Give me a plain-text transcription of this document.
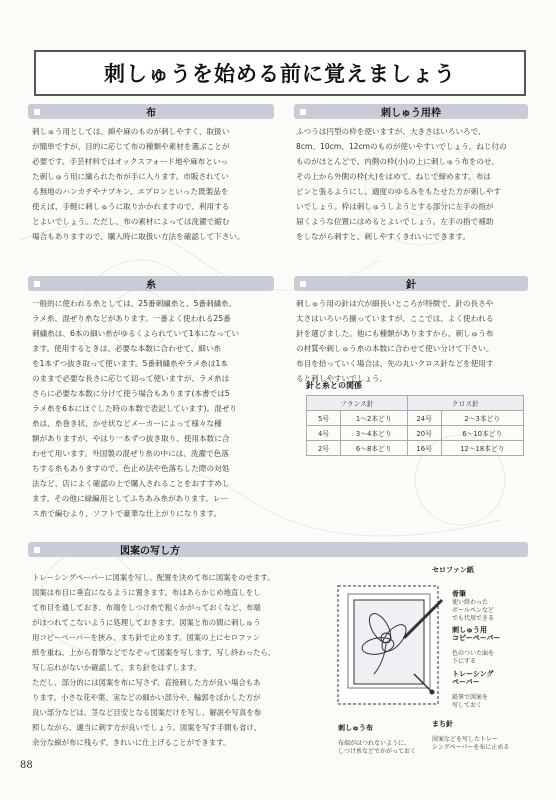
刺しゅうを始める前に覚えましょう
布
刺しゅう用としては、綿や麻のものが刺しやすく、取扱い
が簡単ですが、目的に応じて布の種類や素材を選ぶことが
必要です。手芸材料ではオックスフォード地や麻布といっ
た刺しゅう用に織られた布が手に入ります。市販されてい
る無地のハンカチやナプキン、エプロンといった既製品を
使えば、手軽に刺しゅうに取りかかれますので、利用する
とよいでしょう。ただし、布の素材によっては洗濯で縮む
場合もありますので、購入時に取扱い方法を確認して下さい。
刺しゅう用枠
ふつうは円型の枠を使いますが、大きさはいろいろで、
8cm、10cm、12cmのものが使いやすいでしょう。ねじ付の
ものがほとんどで、内側の枠(小)の上に刺しゅう布をのせ、
その上から外側の枠(大)をはめて、ねじで締めます。布は
ピンと張るようにし、適度のゆるみをもたせた方が刺しやす
いでしょう。枠は刺しゅうしようとする部分に左手の指が
届くような位置にはめるとよいでしょう。左手の指で補助
をしながら刺すと、刺しやすくきれいにできます。
糸
一般的に使われる糸としては、25番刺繍糸と、5番刺繍糸、
ラメ糸、混ぜり糸などがあります。一番よく使われる25番
刺繍糸は、6本の細い糸がゆるくよられていて1本になってい
ます。使用するときは、必要な本数に合わせて、細い糸
を1本ずつ抜き取って使います。5番刺繍糸やラメ糸は1本
のままで必要な長さに応じて切って使いますが、ラメ糸は
さらに必要な本数に分けて使う場合もあります(本書では5
ラメ糸を6本にほぐした時の本数で表記しています)。混ぜり
糸は、糸巻き状、かせ状などメーカーによって様々な種
類がありますが、やはり一本ずつ抜き取り、使用本数に合
わせて用います。外国製の混ぜり糸の中には、洗濯で色落
ちする糸もありますので、色止め法や色落ちした際の対処
法など、店によく確認の上で購入されることをおすすめし
ます。その他に緑編用としてふちあみ糸があります。レー
ス糸で編むより、ソフトで豪華な仕上がりになります。
針
刺しゅう用の針は穴が細長いところが特徴で、針の長さや
太さはいろいろ揃っていますが、ここでは、よく使われる
針を選びました。他にも種類がありますから、刺しゅう布
の材質や刺しゅう糸の本数に合わせて使い分けて下さい。
布目を拾っていく場合は、先の丸いクロス針などを使用す
ると刺しやすいでしょう。
針と糸との関係
フランス針		クロス針	
5号	1〜2本どり	24号	2〜3本どり
4号	3〜4本どり	20号	6〜10本どり
2号	6〜8本どり	16号	12〜18本どり
図案の写し方
トレーシングペーパーに図案を写し、配置を決めて布に図案をのせます。
図案は布目に垂直になるように置きます。布はあらかじめ地直しをし
て布目を通しておき、布端をしつけ糸で粗くかがっておくなど、布端
がほつれてこないように処理しておきます。図案と布の間に刺しゅう
用コピーペーパーを挟み、まち針で止めます。図案の上にセロファン
紙を重ね、上から骨筆などでなぞって図案を写します。写し終わったら、
写し忘れがないか確認して、まち針をはずします。
ただし、部分的には図案を布に写さず、直接刺した方が良い場合もあ
ります。小さな花や葉、実などの細かい部分や、輪郭をぼかした方が
良い部分などは、茎など目安となる図案だけを写し、解説や写真を参
照しながら、適当に刺す方が良いでしょう。図案を写す手間も省け、
余分な線が布に残らず、きれいに仕上げることができます。
セロファン紙

骨筆

使い終わった
ボールペンなど
でも代用できる

刺しゅう用
コピーペーパー

色のついた面を
下にする

トレーシング
ペーパー

鉛筆で図案を
写しておく

刺しゅう布

布端がほつれないように、
しつけ糸などでかがっておく

まち針

図案などを写したトレー
シングペーパーを布に止める

88
